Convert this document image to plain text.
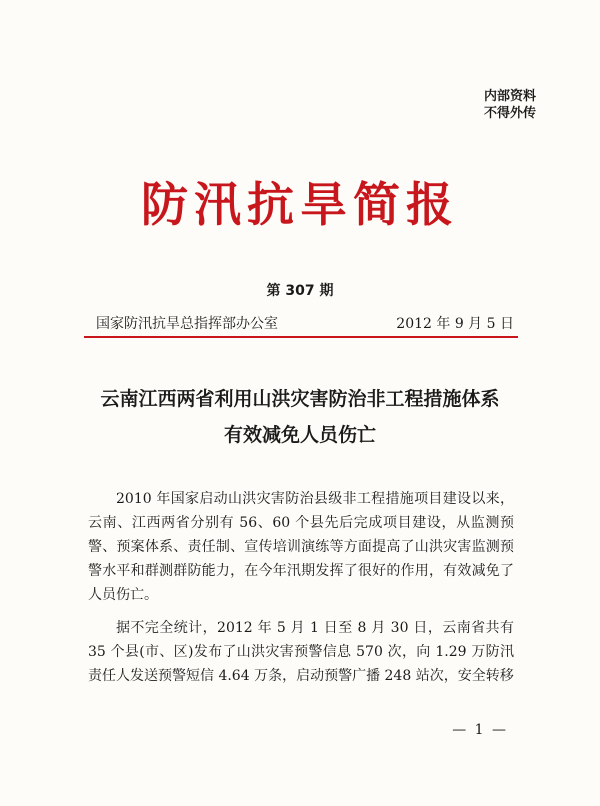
内部资料
不得外传
防汛抗旱简报
第 307 期
国家防汛抗旱总指挥部办公室	2012 年 9 月 5 日
云南江西两省利用山洪灾害防治非工程措施体系
有效减免人员伤亡

2010 年国家启动山洪灾害防治县级非工程措施项目建设以来，云南、江西两省分别有 56、60 个县先后完成项目建设，从监测预警、预案体系、责任制、宣传培训演练等方面提高了山洪灾害监测预警水平和群测群防能力，在今年汛期发挥了很好的作用，有效减免了人员伤亡。

据不完全统计，2012 年 5 月 1 日至 8 月 30 日，云南省共有 35 个县(市、区)发布了山洪灾害预警信息 570 次，向 1.29 万防汛责任人发送预警短信 4.64 万条，启动预警广播 248 站次，安全转移

— 1 —
